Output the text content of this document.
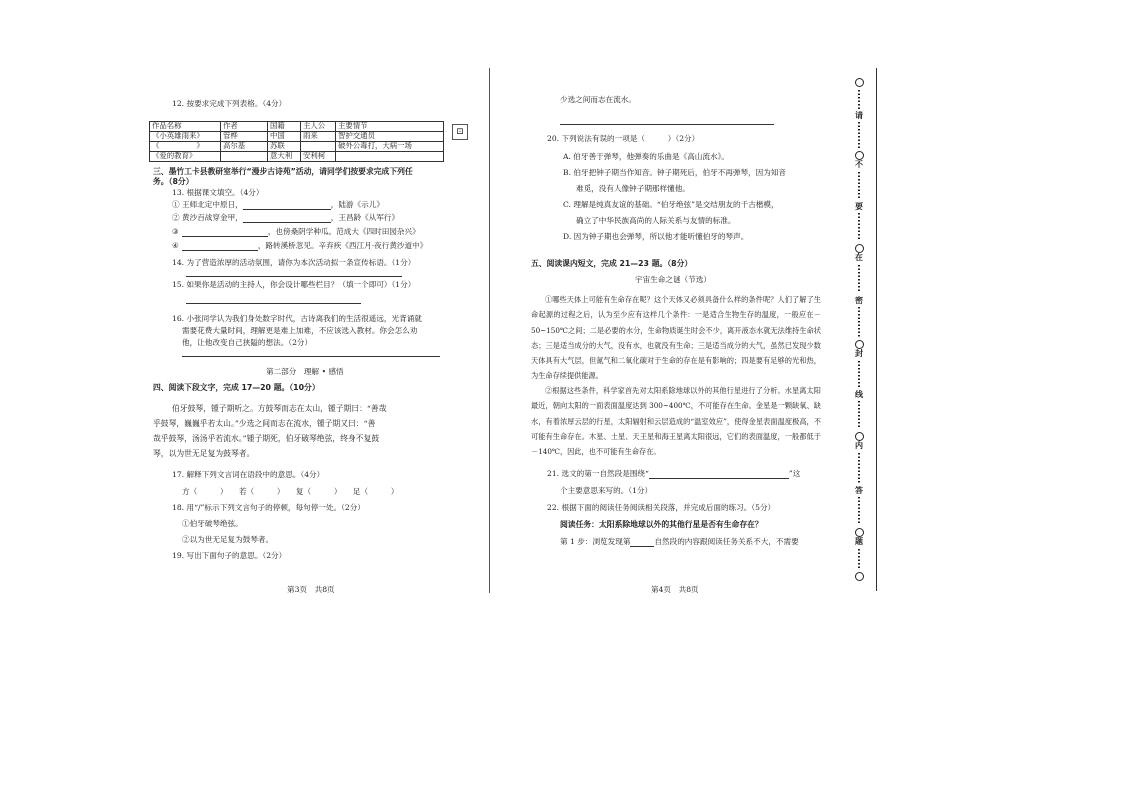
12. 按要求完成下列表格。（4分）
作品名称	作者	国籍	主人公	主要情节
《小英雄雨来》	管桦	中国	雨来	智护交通员
《　　　　　》	高尔基	苏联		破外公毒打，大病一场
《爱的教育》		意大利	安利柯	
⊡
三、墨竹工卡县教研室举行“漫步古诗苑”活动，请同学们按要求完成下列任
务。（8分）
13. 根据课文填空。（4分）
① 王师北定中原日，	，陆游《示儿》
② 黄沙百战穿金甲，	，王昌龄《从军行》
③	，也傍桑阴学种瓜。范成大《四时田园杂兴》
④	，路转溪桥忽见。辛弃疾《西江月·夜行黄沙道中》
14. 为了营造浓厚的活动氛围，请你为本次活动拟一条宣传标语。（1分）
15. 如果你是活动的主持人，你会设计哪些栏目？（填一个即可）（1分）
16. 小张同学认为我们身处数字时代，古诗离我们的生活很遥远，光背诵就
需要花费大量时间，理解更是难上加难，不应该选入教材。你会怎么劝
他，让他改变自己狭隘的想法。（2分）
第二部分　理解 • 感悟
四、阅读下段文字，完成 17—20 题。（10分）
伯牙鼓琴，锺子期听之。方鼓琴而志在太山，锺子期曰：“善哉
乎鼓琴，巍巍乎若太山。”少选之间而志在流水，锺子期又曰：“善
哉乎鼓琴，汤汤乎若流水。”锺子期死，伯牙破琴绝弦，终身不复鼓
琴，以为世无足复为鼓琴者。
17. 解释下列文言词在语段中的意思。（4分）
方（　　　）　　若（　　　）　　复（　　　）　　足（　　　）
18. 用“/”标示下列文言句子的停顿，每句停一处。（2分）
①伯牙破琴绝弦。
②以为世无足复为鼓琴者。
19. 写出下面句子的意思。（2分）
第3页　共8页
少选之间而志在流水。
20. 下列说法有误的一项是（　　　）（2分）
A. 伯牙善于弹琴，他弹奏的乐曲是《高山流水》。
B. 伯牙把钟子期当作知音。钟子期死后，伯牙不再弹琴，因为知音
难觅，没有人像钟子期那样懂他。
C. 理解是纯真友谊的基础。“伯牙绝弦”是交结朋友的千古楷模，
确立了中华民族高尚的人际关系与友情的标准。
D. 因为钟子期也会弹琴，所以他才能听懂伯牙的琴声。
五、阅读课内短文，完成 21—23 题。（8分）
宇宙生命之谜（节选）
①哪些天体上可能有生命存在呢？这个天体又必须具备什么样的条件呢？人们了解了生命起源的过程之后，认为至少应有这样几个条件：一是适合生物生存的温度，一般应在－50~150℃之间；二是必要的水分，生命物质诞生时会不少，离开液态水就无法维持生命状态；三是适当成分的大气，没有水，也就没有生命；三是适当成分的大气，虽然已发现少数天体具有大气层，但氮气和二氧化碳对于生命的存在是有影响的；四是要有足够的光和热，为生命存续提供能源。
②根据这些条件，科学家首先对太阳系除地球以外的其他行星进行了分析。水星离太阳最近，朝向太阳的一面表面温度达到 300~400℃，不可能存在生命。金星是一颗缺氧、缺水，有着浓厚云层的行星，太阳辐射和云层造成的“温室效应”，使得金星表面温度极高，不可能有生命存在。木星、土星、天王星和海王星离太阳很远，它们的表面温度，一般都低于－140℃，因此，也不可能有生命存在。
21. 选文的第一自然段是围绕“	”这
个主要意思来写的。（1分）
22. 根据下面的阅读任务阅读相关段落，并完成后面的练习。（5分）
阅读任务：太阳系除地球以外的其他行星是否有生命存在？
第 1 步：浏览发现第	自然段的内容跟阅读任务关系不大，不需要
第4页　共8页
请
不
要
在
密
封
线
内
答
题
